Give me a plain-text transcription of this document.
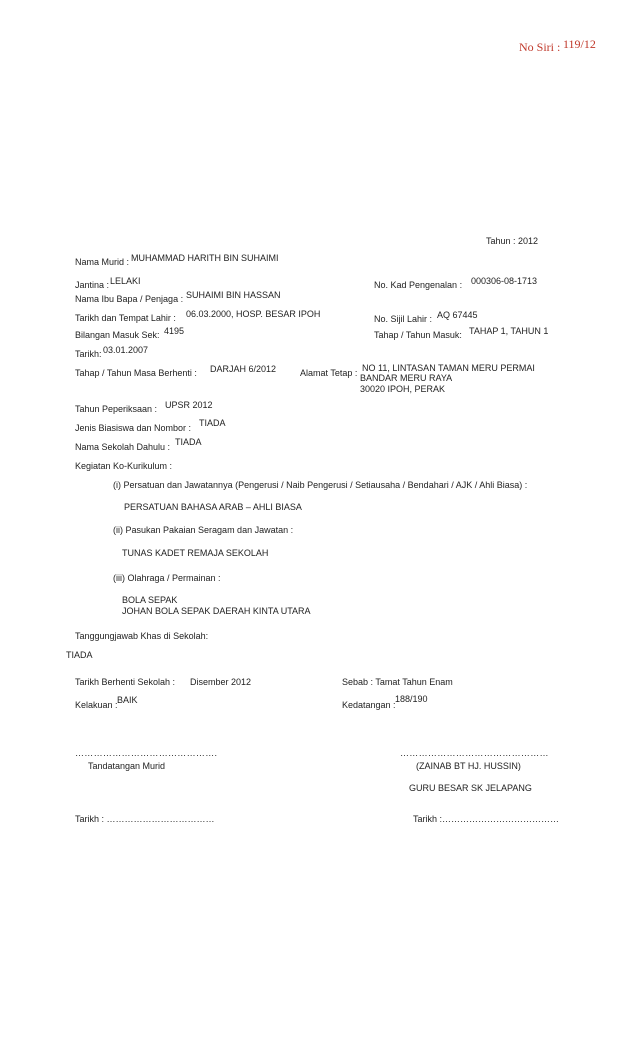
No Siri : 119/12
Tahun : 2012
Nama Murid : MUHAMMAD HARITH BIN SUHAIMI
Jantina : LELAKI	No. Kad Pengenalan : 000306-08-1713
Nama Ibu Bapa / Penjaga : SUHAIMI BIN HASSAN
Tarikh dan Tempat Lahir : 06.03.2000, HOSP. BESAR IPOH	No. Sijil Lahir : AQ 67445
Bilangan Masuk Sek: 4195	Tahap / Tahun Masuk: TAHAP 1, TAHUN 1
Tarikh: 03.01.2007
Tahap / Tahun Masa Berhenti : DARJAH 6/2012	Alamat Tetap : NO 11, LINTASAN TAMAN MERU PERMAI
BANDAR MERU RAYA
30020 IPOH, PERAK
Tahun Peperiksaan : UPSR 2012
Jenis Biasiswa dan Nombor : TIADA
Nama Sekolah Dahulu : TIADA
Kegiatan Ko-Kurikulum :
(i) Persatuan dan Jawatannya (Pengerusi / Naib Pengerusi / Setiausaha / Bendahari / AJK / Ahli Biasa) :
PERSATUAN BAHASA ARAB – AHLI BIASA
(ii) Pasukan Pakaian Seragam dan Jawatan :
TUNAS KADET REMAJA SEKOLAH
(iii) Olahraga / Permainan :
BOLA SEPAK
JOHAN BOLA SEPAK DAERAH KINTA UTARA
Tanggungjawab Khas di Sekolah:
TIADA
Tarikh Berhenti Sekolah : Disember 2012	Sebab : Tamat Tahun Enam
Kelakuan : BAIK	Kedatangan :
188/190
……………………………………….
Tandatangan Murid
…………………………………………
(ZAINAB BT HJ. HUSSIN)
GURU BESAR SK JELAPANG
Tarikh : ………………………………	Tarikh :…………………………………
